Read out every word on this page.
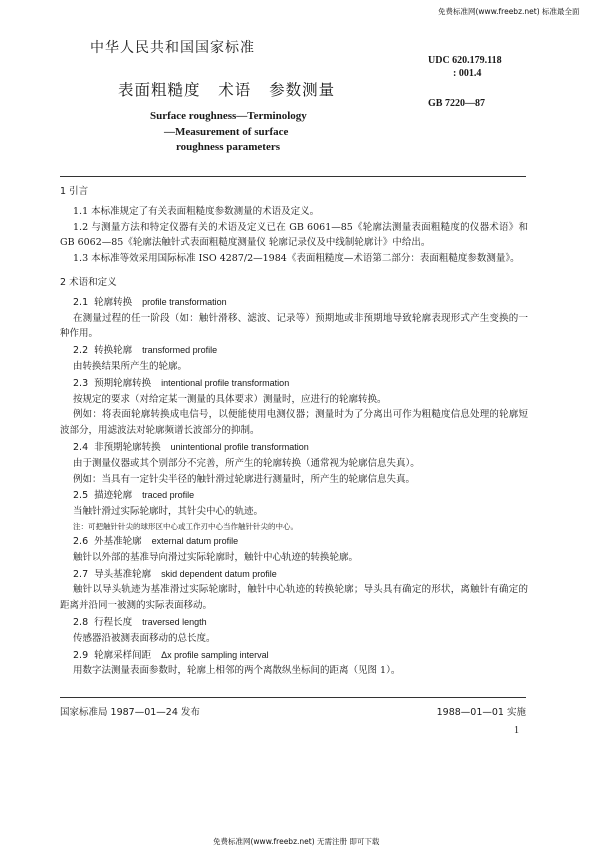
免费标准网(www.freebz.net) 标准最全面
中华人民共和国国家标准
UDC 620.179.118
: 001.4
表面粗糙度   术语   参数测量
GB 7220—87
Surface roughness—Terminology
—Measurement of surface
roughness parameters
1 引言

1.1 本标准规定了有关表面粗糙度参数测量的术语及定义。

1.2 与测量方法和特定仪器有关的术语及定义已在 GB 6061—85《轮廓法测量表面粗糙度的仪器术语》和 GB 6062—85《轮廓法触针式表面粗糙度测量仪 轮廓记录仪及中线制轮廓计》中给出。

1.3 本标准等效采用国际标准 ISO 4287/2—1984《表面粗糙度—术语第二部分：表面粗糙度参数测量》。

2 术语和定义
2.1 轮廓转换 profile transformation

在测量过程的任一阶段（如：触针滑移、滤波、记录等）预期地或非预期地导致轮廓表现形式产生变换的一种作用。

2.2 转换轮廓 transformed profile

由转换结果所产生的轮廓。

2.3 预期轮廓转换 intentional profile transformation

按规定的要求（对给定某一测量的具体要求）测量时，应进行的轮廓转换。

例如：将表面轮廓转换成电信号，以便能使用电测仪器；测量时为了分离出可作为粗糙度信息处理的轮廓短波部分，用滤波法对轮廓频谱长波部分的抑制。

2.4 非预期轮廓转换 unintentional profile transformation

由于测量仪器或其个别部分不完善，所产生的轮廓转换（通常视为轮廓信息失真）。

例如：当具有一定针尖半径的触针滑过轮廓进行测量时，所产生的轮廓信息失真。

2.5 描迹轮廓 traced profile

当触针滑过实际轮廓时，其针尖中心的轨迹。

注：可把触针针尖的球形区中心或工作刃中心当作触针针尖的中心。

2.6 外基准轮廓 external datum profile

触针以外部的基准导向滑过实际轮廓时，触针中心轨迹的转换轮廓。

2.7 导头基准轮廓 skid dependent datum profile

触针以导头轨迹为基准滑过实际轮廓时，触针中心轨迹的转换轮廓；导头具有确定的形状，离触针有确定的距离并沿同一被测的实际表面移动。

2.8 行程长度 traversed length

传感器沿被测表面移动的总长度。

2.9 轮廓采样间距 Δx profile sampling interval

用数字法测量表面参数时，轮廓上相邻的两个离散纵坐标间的距离（见图 1）。

国家标准局 1987—01—24 发布	1988—01—01 实施
1
免费标准网(www.freebz.net) 无需注册 即可下载
